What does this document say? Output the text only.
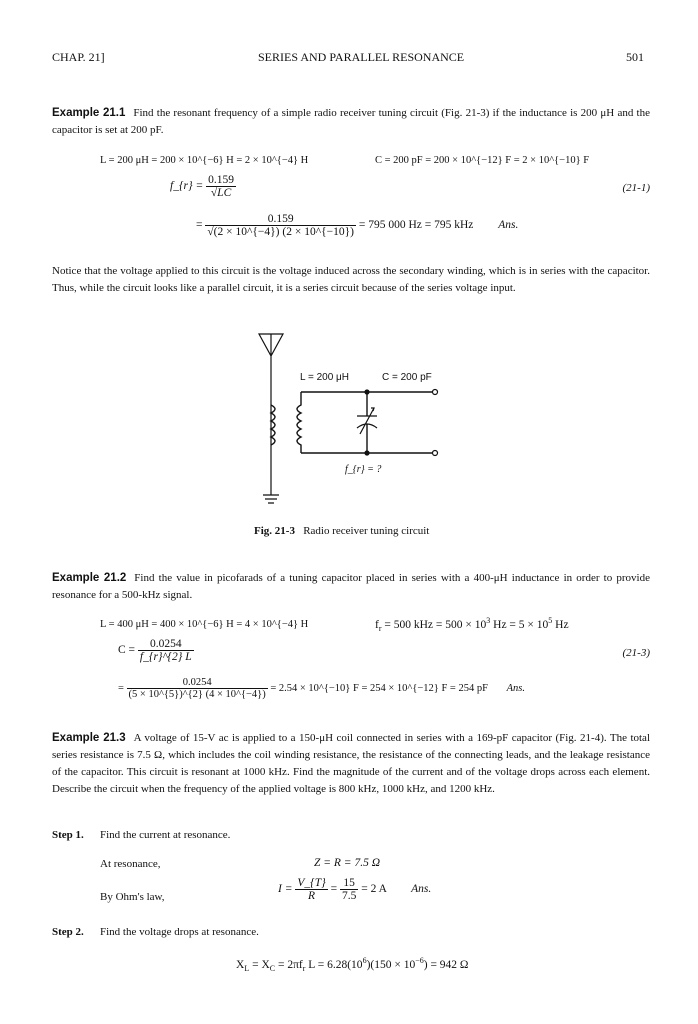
CHAP. 21]	SERIES AND PARALLEL RESONANCE	501
Example 21.1 Find the resonant frequency of a simple radio receiver tuning circuit (Fig. 21-3) if the inductance is 200 μH and the capacitor is set at 200 pF.
L = 200 μH = 200 × 10^{−6} H = 2 × 10^{−4} H	C = 200 pF = 200 × 10^{−12} F = 2 × 10^{−10} F
f_{r} = $\frac{0.159}{√LC}$	(21-1)
= $\frac{0.159}{√(2 \times 10\^{}\{-4\}) (2 \times 10\^{}\{-10\})} = 795$ 000 Hz = 795 kHz Ans.
Notice that the voltage applied to this circuit is the voltage induced across the secondary winding, which is in series with the capacitor. Thus, while the circuit looks like a parallel circuit, it is a series circuit because of the series voltage input.
L = 200 μH	C = 200 pF
f_{r} = ?
Fig. 21-3 Radio receiver tuning circuit
Example 21.2 Find the value in picofarads of a tuning capacitor placed in series with a 400-μH inductance in order to provide resonance for a 500-kHz signal.
L = 400 μH = 400 × 10^{−6} H = 4 × 10^{−4} H	$f_r = 500$ kHz = $500 \times 10^3$ $Hz = 5 \times 10^5$ Hz
$C = \frac{0.0254}{f\_\{r\}\^{}\{2\} L}$	(21-3)
= $\frac{0.0254}{(5 \times 10\^{}\{5\})\^{}\{2\} (4 \times 10\^{}\{-4\})} = 2.54$ × 10^{−10} F = 254 × 10^{−12} F = 254 pF Ans.
Example 21.3 A voltage of 15-V ac is applied to a 150-μH coil connected in series with a 169-pF capacitor (Fig. 21-4). The total series resistance is 7.5 Ω, which includes the coil winding resistance, the resistance of the connecting leads, and the leakage resistance of the capacitor. This circuit is resonant at 1000 kHz. Find the magnitude of the current and of the voltage drops across each element. Describe the circuit when the frequency of the applied voltage is 800 kHz, 1000 kHz, and 1200 kHz.
Step 1. Find the current at resonance.
At resonance,	Z = R = 7.5 Ω
By Ohm's law,
$I = \frac{V\_\{T\}}{R} = \frac{15}{7.5} = 2$ A Ans.
Step 2. Find the voltage drops at resonance.
$X_L = X_C = 2\pi f_r$ $L = 6.28(10^6)(150 \times 10^{-6}) = 942$ Ω
